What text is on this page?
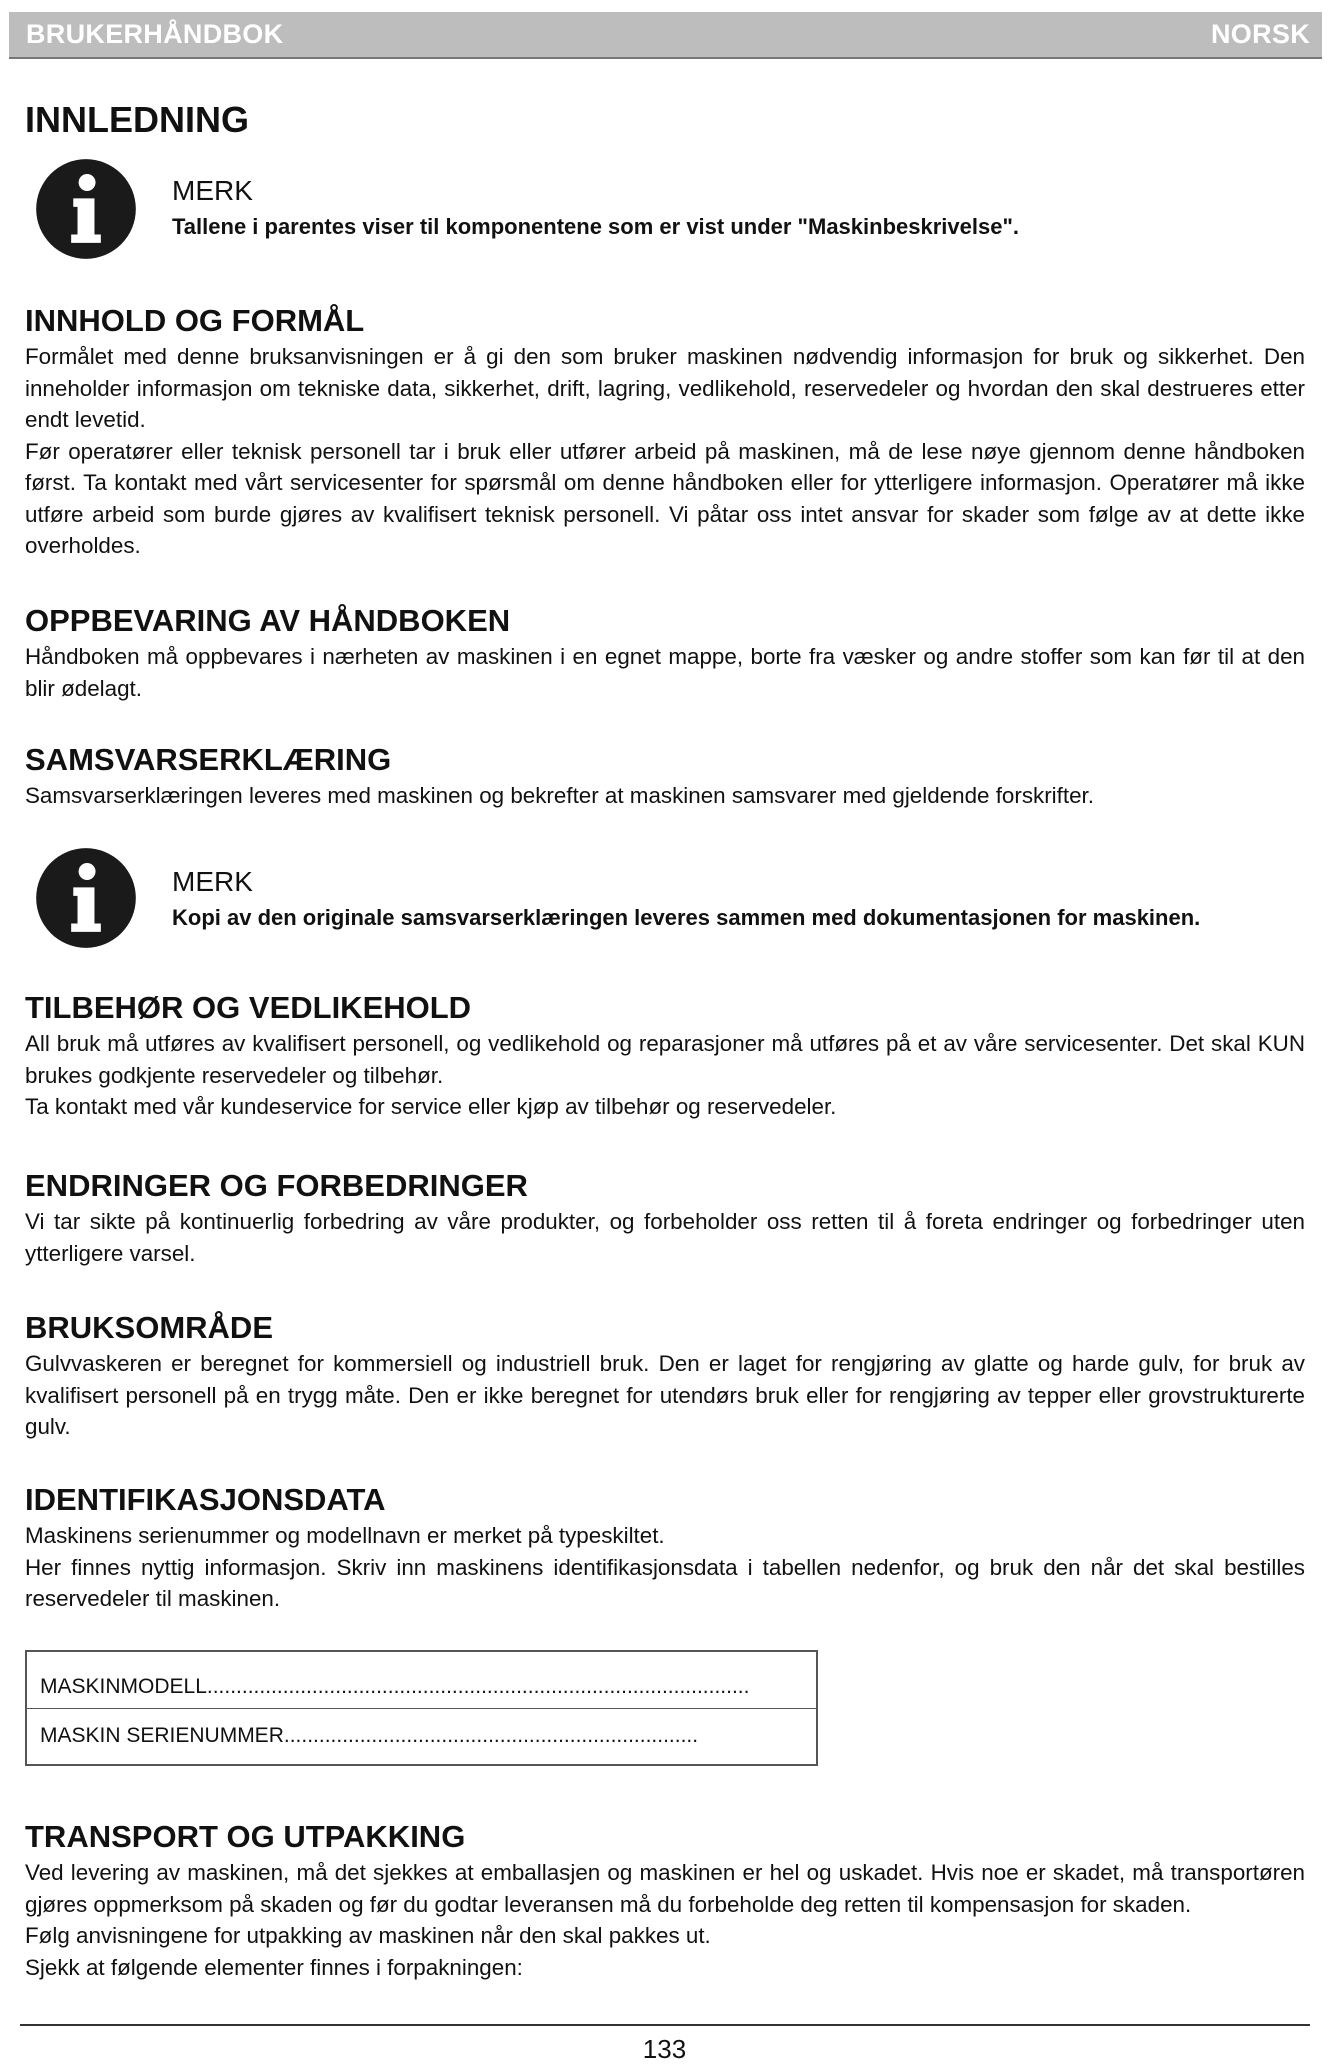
BRUKERHÅNDBOK	NORSK
INNLEDNING
MERK
Tallene i parentes viser til komponentene som er vist under "Maskinbeskrivelse".
INNHOLD OG FORMÅL

Formålet med denne bruksanvisningen er å gi den som bruker maskinen nødvendig informasjon for bruk og sikkerhet. Den inneholder informasjon om tekniske data, sikkerhet, drift, lagring, vedlikehold, reservedeler og hvordan den skal destrueres etter endt levetid.

Før operatører eller teknisk personell tar i bruk eller utfører arbeid på maskinen, må de lese nøye gjennom denne håndboken først. Ta kontakt med vårt servicesenter for spørsmål om denne håndboken eller for ytterligere informasjon. Operatører må ikke utføre arbeid som burde gjøres av kvalifisert teknisk personell. Vi påtar oss intet ansvar for skader som følge av at dette ikke overholdes.

OPPBEVARING AV HÅNDBOKEN

Håndboken må oppbevares i nærheten av maskinen i en egnet mappe, borte fra væsker og andre stoffer som kan før til at den blir ødelagt.

SAMSVARSERKLÆRING

Samsvarserklæringen leveres med maskinen og bekrefter at maskinen samsvarer med gjeldende forskrifter.

MERK
Kopi av den originale samsvarserklæringen leveres sammen med dokumentasjonen for maskinen.
TILBEHØR OG VEDLIKEHOLD

All bruk må utføres av kvalifisert personell, og vedlikehold og reparasjoner må utføres på et av våre servicesenter. Det skal KUN brukes godkjente reservedeler og tilbehør.

Ta kontakt med vår kundeservice for service eller kjøp av tilbehør og reservedeler.

ENDRINGER OG FORBEDRINGER

Vi tar sikte på kontinuerlig forbedring av våre produkter, og forbeholder oss retten til å foreta endringer og forbedringer uten ytterligere varsel.

BRUKSOMRÅDE

Gulvvaskeren er beregnet for kommersiell og industriell bruk. Den er laget for rengjøring av glatte og harde gulv, for bruk av kvalifisert personell på en trygg måte. Den er ikke beregnet for utendørs bruk eller for rengjøring av tepper eller grovstrukturerte gulv.

IDENTIFIKASJONSDATA

Maskinens serienummer og modellnavn er merket på typeskiltet.

Her finnes nyttig informasjon. Skriv inn maskinens identifikasjonsdata i tabellen nedenfor, og bruk den når det skal bestilles reservedeler til maskinen.

MASKINMODELL.............................................................................................
MASKIN SERIENUMMER.......................................................................
TRANSPORT OG UTPAKKING

Ved levering av maskinen, må det sjekkes at emballasjen og maskinen er hel og uskadet. Hvis noe er skadet, må transportøren gjøres oppmerksom på skaden og før du godtar leveransen må du forbeholde deg retten til kompensasjon for skaden.

Følg anvisningene for utpakking av maskinen når den skal pakkes ut.

Sjekk at følgende elementer finnes i forpakningen:

133
